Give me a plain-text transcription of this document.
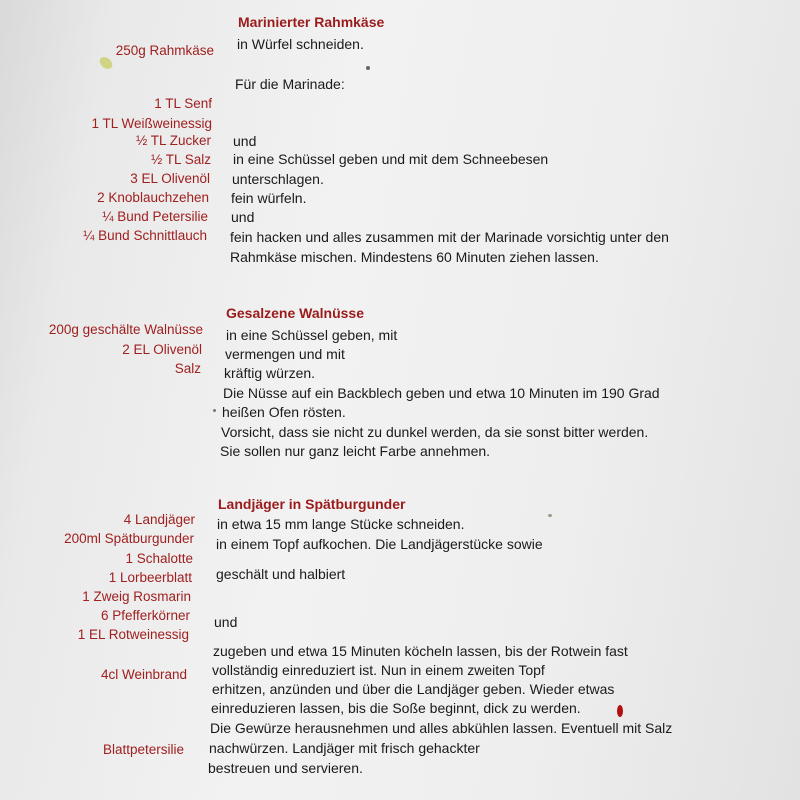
Marinierter Rahmkäse
250g Rahmkäse
1 TL Senf
1 TL Weißweinessig
½ TL Zucker
½ TL Salz
3 EL Olivenöl
2 Knoblauchzehen
¼ Bund Petersilie
¼ Bund Schnittlauch
in Würfel schneiden.
Für die Marinade:
und
in eine Schüssel geben und mit dem Schneebesen
unterschlagen.
fein würfeln.
und
fein hacken und alles zusammen mit der Marinade vorsichtig unter den
Rahmkäse mischen. Mindestens 60 Minuten ziehen lassen.
Gesalzene Walnüsse
200g geschälte Walnüsse
2 EL Olivenöl
Salz
in eine Schüssel geben, mit
vermengen und mit
kräftig würzen.
Die Nüsse auf ein Backblech geben und etwa 10 Minuten im 190 Grad
heißen Ofen rösten.
Vorsicht, dass sie nicht zu dunkel werden, da sie sonst bitter werden.
Sie sollen nur ganz leicht Farbe annehmen.
Landjäger in Spätburgunder
4 Landjäger
200ml Spätburgunder
1 Schalotte
1 Lorbeerblatt
1 Zweig Rosmarin
6 Pfefferkörner
1 EL Rotweinessig
4cl Weinbrand
Blattpetersilie
in etwa 15 mm lange Stücke schneiden.
in einem Topf aufkochen. Die Landjägerstücke sowie
geschält und halbiert
und
zugeben und etwa 15 Minuten köcheln lassen, bis der Rotwein fast
vollständig einreduziert ist. Nun in einem zweiten Topf
erhitzen, anzünden und über die Landjäger geben. Wieder etwas
einreduzieren lassen, bis die Soße beginnt, dick zu werden.
Die Gewürze herausnehmen und alles abkühlen lassen. Eventuell mit Salz
nachwürzen. Landjäger mit frisch gehackter
bestreuen und servieren.
